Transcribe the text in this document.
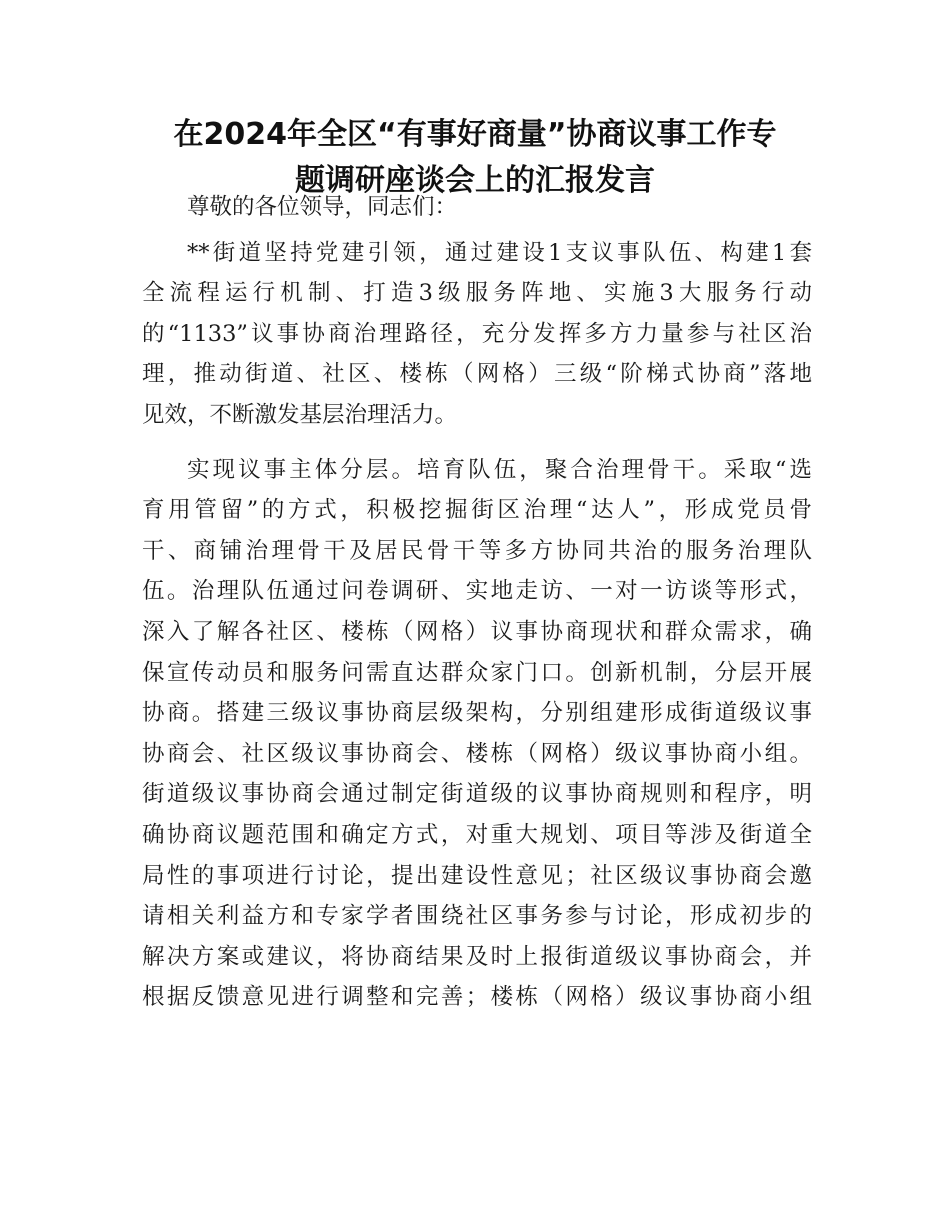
在2024年全区“有事好商量”协商议事工作专
题调研座谈会上的汇报发言

尊敬的各位领导，同志们：

**街道坚持党建引领，通过建设1支议事队伍、构建1套
全流程运行机制、打造3级服务阵地、实施3大服务行动
的“1133”议事协商治理路径，充分发挥多方力量参与社区治
理，推动街道、社区、楼栋（网格）三级“阶梯式协商”落地
见效，不断激发基层治理活力。

实现议事主体分层。培育队伍，聚合治理骨干。采取“选
育用管留”的方式，积极挖掘街区治理“达人”，形成党员骨
干、商铺治理骨干及居民骨干等多方协同共治的服务治理队
伍。治理队伍通过问卷调研、实地走访、一对一访谈等形式，
深入了解各社区、楼栋（网格）议事协商现状和群众需求，确
保宣传动员和服务问需直达群众家门口。创新机制，分层开展
协商。搭建三级议事协商层级架构，分别组建形成街道级议事
协商会、社区级议事协商会、楼栋（网格）级议事协商小组。
街道级议事协商会通过制定街道级的议事协商规则和程序，明
确协商议题范围和确定方式，对重大规划、项目等涉及街道全
局性的事项进行讨论，提出建设性意见；社区级议事协商会邀
请相关利益方和专家学者围绕社区事务参与讨论，形成初步的
解决方案或建议，将协商结果及时上报街道级议事协商会，并
根据反馈意见进行调整和完善；楼栋（网格）级议事协商小组
